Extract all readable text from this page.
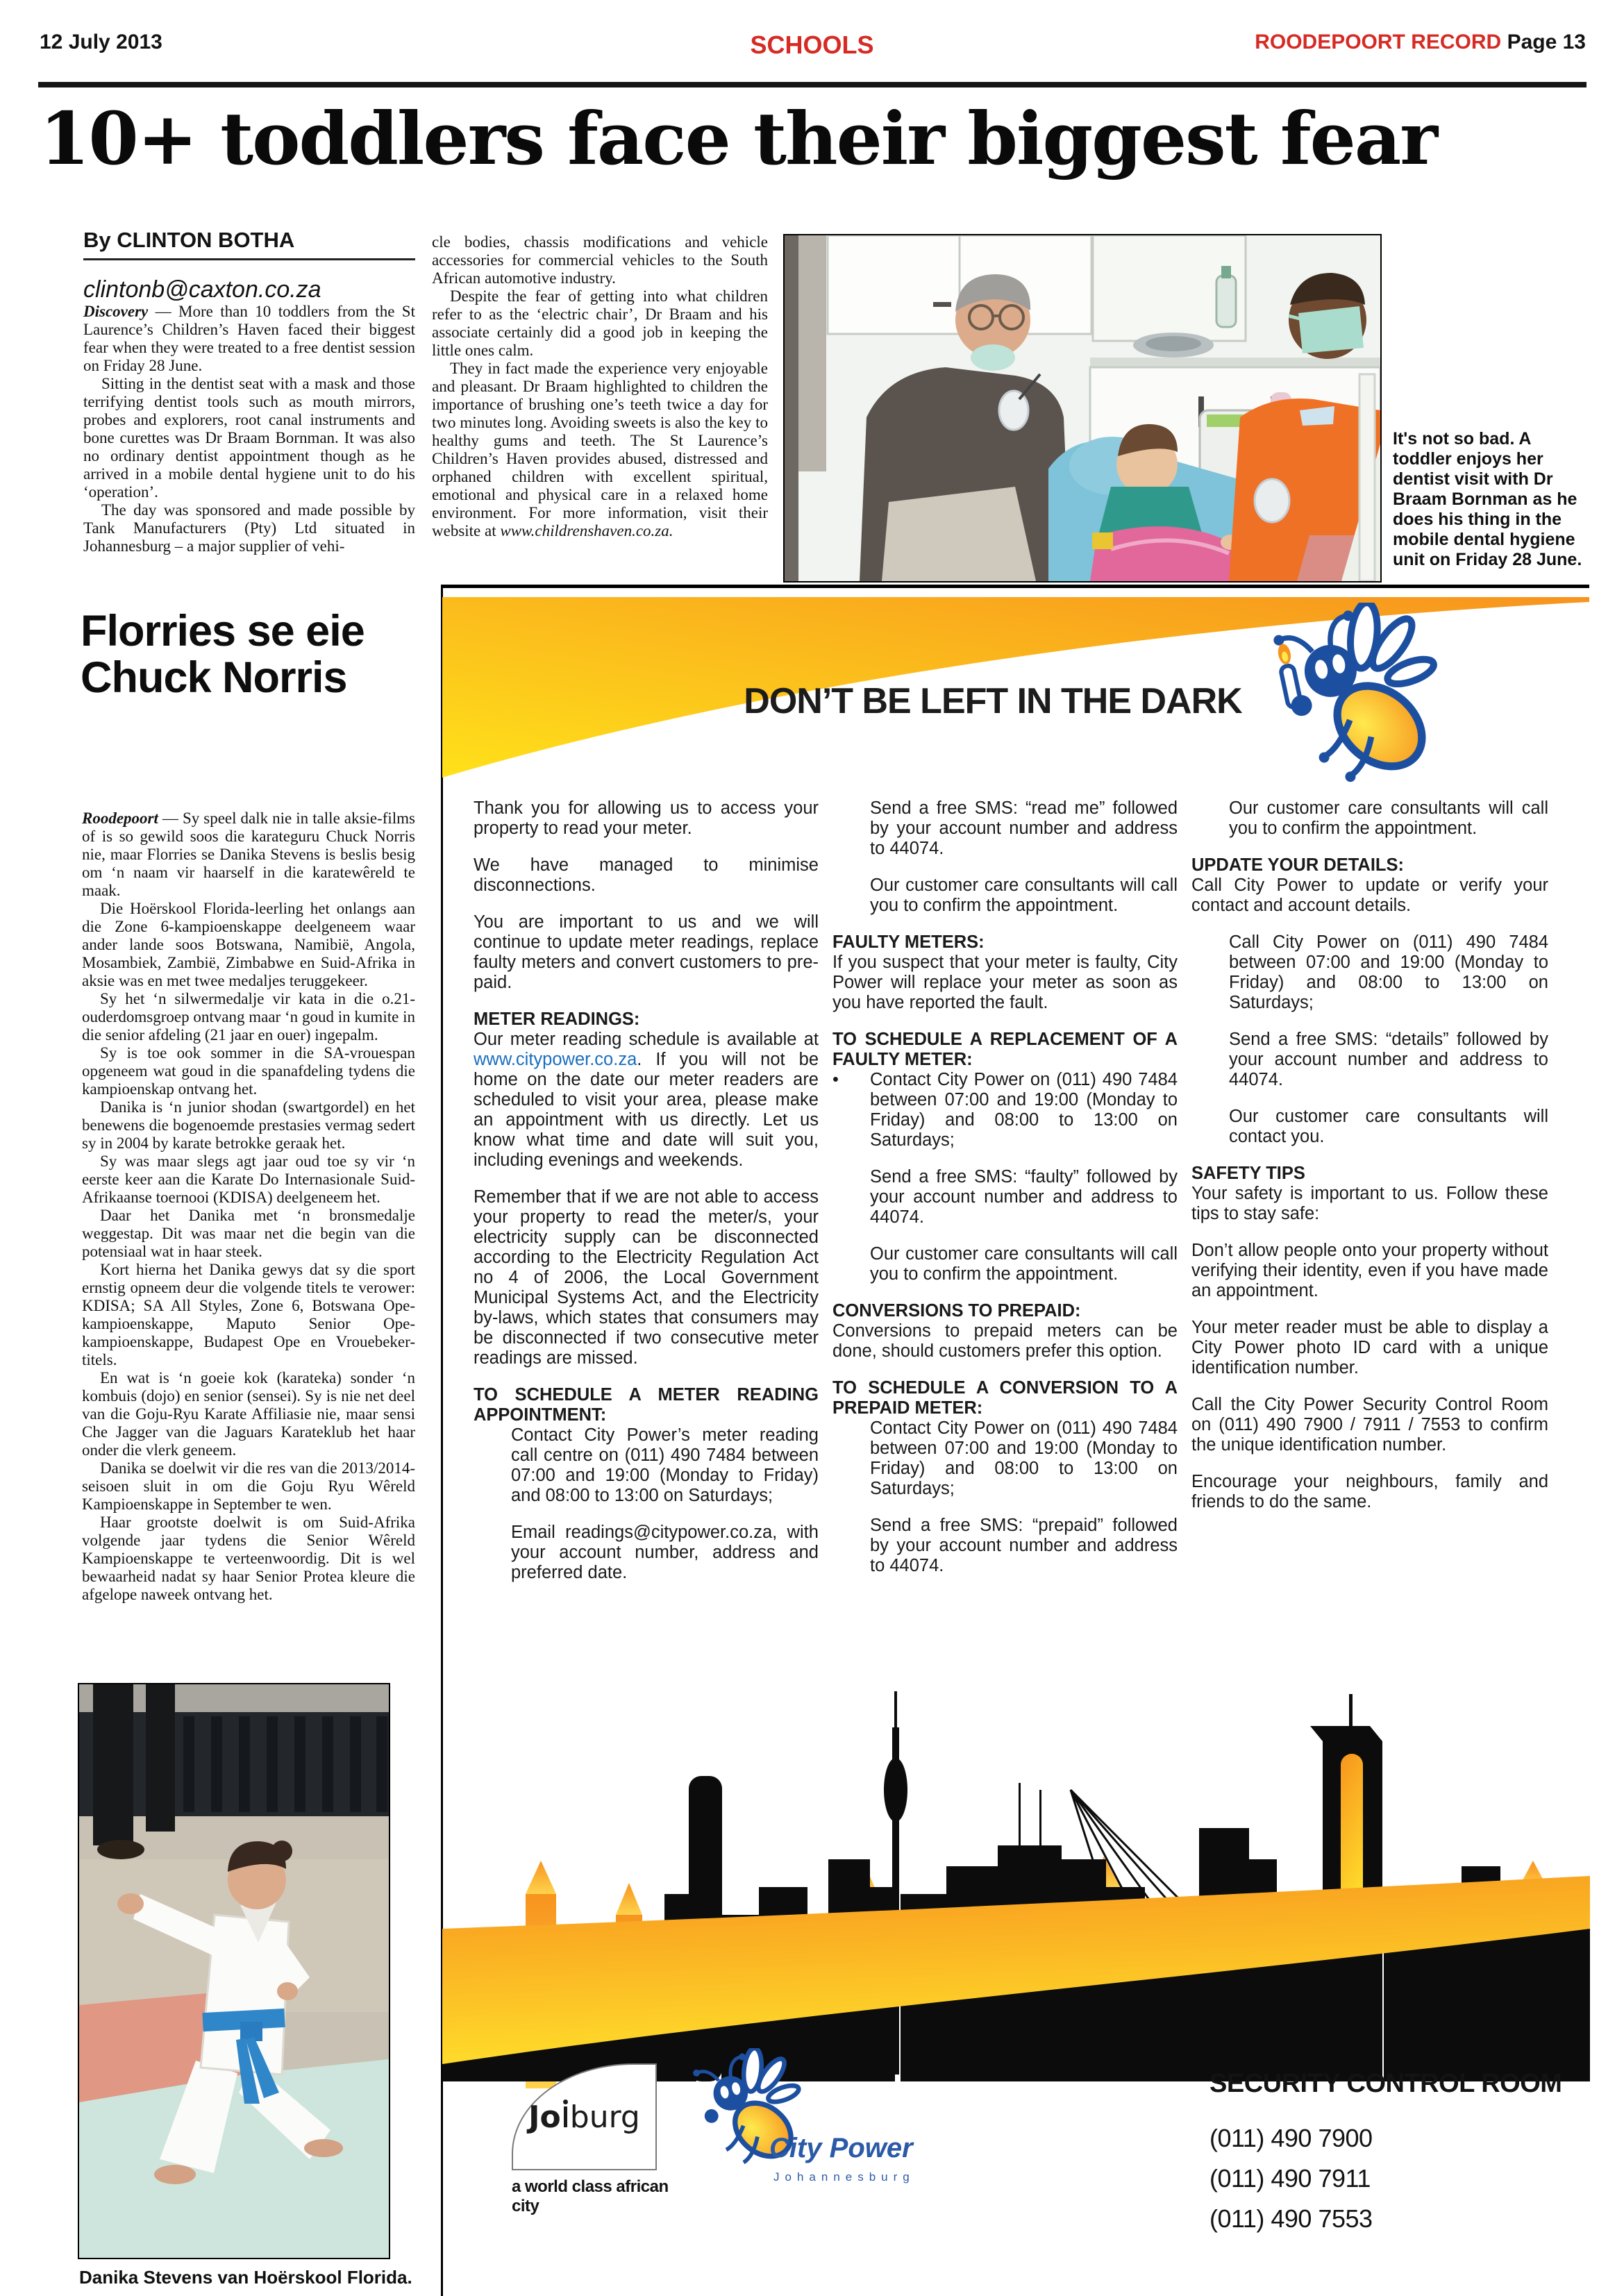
12 July 2013	SCHOOLS	ROODEPOORT RECORD Page 13
10+ toddlers face their biggest fear
By CLINTON BOTHA
clintonb@caxton.co.za

Discovery — More than 10 toddlers from the St Laurence’s Children’s Haven faced their biggest fear when they were treated to a free dentist session on Friday 28 June.

Sitting in the dentist seat with a mask and those terrifying dentist tools such as mouth mirrors, probes and explorers, root canal instruments and bone curettes was Dr Braam Bornman. It was also no ordinary dentist appointment though as he arrived in a mobile dental hygiene unit to do his ‘operation’.

The day was sponsored and made possible by Tank Manufacturers (Pty) Ltd situated in Johannesburg – a major supplier of vehi-

cle bodies, chassis modifications and vehicle accessories for commercial vehicles to the South African automotive industry.

Despite the fear of getting into what children refer to as the ‘electric chair’, Dr Braam and his associate certainly did a good job in keeping the little ones calm.

They in fact made the experience very enjoyable and pleasant. Dr Braam highlighted to children the importance of brushing one’s teeth twice a day for two minutes long. Avoiding sweets is also the key to healthy gums and teeth. The St Laurence’s Children’s Haven provides abused, distressed and orphaned children with excellent spiritual, emotional and physical care in a relaxed home environment. For more information, visit their website at www.childrenshaven.co.za.

It's not so bad. A toddler enjoys her dentist visit with Dr Braam Bornman as he does his thing in the mobile dental hygiene unit on Friday 28 June.
Florries se eie
Chuck Norris

Roodepoort — Sy speel dalk nie in talle aksie-films of is so gewild soos die karateguru Chuck Norris nie, maar Florries se Danika Stevens is beslis besig om ‘n naam vir haarself in die karatewêreld te maak.

Die Hoërskool Florida-leerling het onlangs aan die Zone 6-kampioenskappe deelgeneem waar ander lande soos Botswana, Namibië, Angola, Mosambiek, Zambië, Zimbabwe en Suid-Afrika in aksie was en met twee medaljes teruggekeer.

Sy het ‘n silwermedalje vir kata in die o.21-ouderdomsgroep ontvang maar ‘n goud in kumite in die senior afdeling (21 jaar en ouer) ingepalm.

Sy is toe ook sommer in die SA-vrouespan opgeneem wat goud in die spanafdeling tydens die kampioenskap ontvang het.

Danika is ‘n junior shodan (swartgordel) en het benewens die bogenoemde prestasies vermag sedert sy in 2004 by karate betrokke geraak het.

Sy was maar slegs agt jaar oud toe sy vir ‘n eerste keer aan die Karate Do Internasionale Suid-Afrikaanse toernooi (KDISA) deelgeneem het.

Daar het Danika met ‘n bronsmedalje weggestap. Dit was maar net die begin van die potensiaal wat in haar steek.

Kort hierna het Danika gewys dat sy die sport ernstig opneem deur die volgende titels te verower: KDISA; SA All Styles, Zone 6, Botswana Ope-kampioenskappe, Maputo Senior Ope-kampioenskappe, Budapest Ope en Vrouebeker-titels.

En wat is ‘n goeie kok (karateka) sonder ‘n kombuis (dojo) en senior (sensei). Sy is nie net deel van die Goju-Ryu Karate Affiliasie nie, maar sensi Che Jagger van die Jaguars Karateklub het haar onder die vlerk geneem.

Danika se doelwit vir die res van die 2013/2014-seisoen sluit in om die Goju Ryu Wêreld Kampioenskappe in September te wen.

Haar grootste doelwit is om Suid-Afrika volgende jaar tydens die Senior Wêreld Kampioenskappe te verteenwoordig. Dit is wel bewaarheid nadat sy haar Senior Protea kleure die afgelope naweek ontvang het.

Danika Stevens van Hoërskool Florida.
DON’T BE LEFT IN THE DARK

Thank you for allowing us to access your property to read your meter.

We have managed to minimise disconnections.

You are important to us and we will continue to update meter readings, replace faulty meters and convert customers to pre-paid.

METER READINGS:

Our meter reading schedule is available at www.citypower.co.za. If you will not be home on the date our meter readers are scheduled to visit your area, please make an appointment with us directly. Let us know what time and date will suit you, including evenings and weekends.

Remember that if we are not able to access your property to read the meter/s, your electricity supply can be disconnected according to the Electricity Regulation Act no 4 of 2006, the Local Government Municipal Systems Act, and the Electricity by-laws, which states that consumers may be disconnected if two consecutive meter readings are missed.

TO SCHEDULE A METER READING APPOINTMENT:

Contact City Power’s meter reading call centre on (011) 490 7484 between 07:00 and 19:00 (Monday to Friday) and 08:00 to 13:00 on Saturdays;

Email readings@citypower.co.za, with your account number, address and preferred date.

Send a free SMS: “read me” followed by your account number and address to 44074.

Our customer care consultants will call you to confirm the appointment.

FAULTY METERS:

If you suspect that your meter is faulty, City Power will replace your meter as soon as you have reported the fault.

TO SCHEDULE A REPLACEMENT OF A FAULTY METER:

• Contact City Power on (011) 490 7484 between 07:00 and 19:00 (Monday to Friday) and 08:00 to 13:00 on Saturdays;

Send a free SMS: “faulty” followed by your account number and address to 44074.

Our customer care consultants will call you to confirm the appointment.

CONVERSIONS TO PREPAID:

Conversions to prepaid meters can be done, should customers prefer this option.

TO SCHEDULE A CONVERSION TO A PREPAID METER:

Contact City Power on (011) 490 7484 between 07:00 and 19:00 (Monday to Friday) and 08:00 to 13:00 on Saturdays;

Send a free SMS: “prepaid” followed by your account number and address to 44074.

Our customer care consultants will call you to confirm the appointment.

UPDATE YOUR DETAILS:

Call City Power to update or verify your contact and account details.

Call City Power on (011) 490 7484 between 07:00 and 19:00 (Monday to Friday) and 08:00 to 13:00 on Saturdays;

Send a free SMS: “details” followed by your account number and address to 44074.

Our customer care consultants will contact you.

SAFETY TIPS

Your safety is important to us. Follow these tips to stay safe:

Don’t allow people onto your property without verifying their identity, even if you have made an appointment.

Your meter reader must be able to display a City Power photo ID card with a unique identification number.

Call the City Power Security Control Room on (011) 490 7900 / 7911 / 7553 to confirm the unique identification number.

Encourage your neighbours, family and friends to do the same.

Jo burg
a world class african city
City Power
Johannesburg

SECURITY CONTROL ROOM

(011) 490 7900

(011) 490 7911

(011) 490 7553
